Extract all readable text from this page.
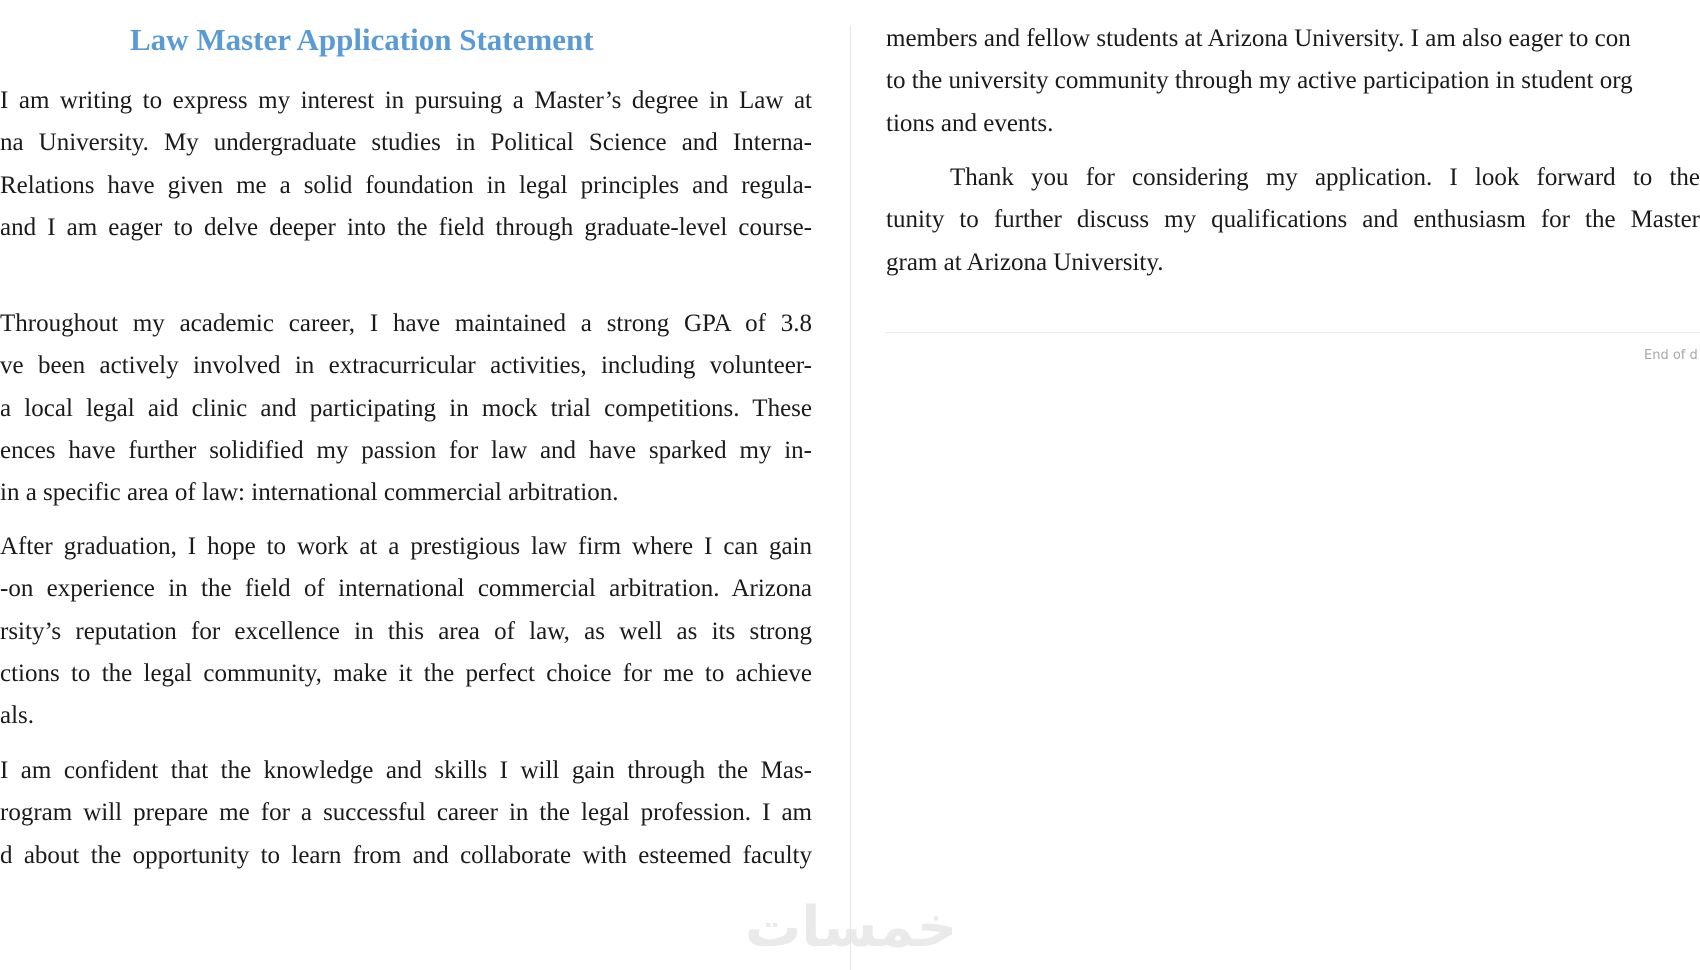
Law Master Application Statement

I am writing to express my interest in pursuing a Master’s degree in Law at

na University. My undergraduate studies in Political Science and Interna-

Relations have given me a solid foundation in legal principles and regula-

and I am eager to delve deeper into the field through graduate-level course-

Throughout my academic career, I have maintained a strong GPA of 3.8

ve been actively involved in extracurricular activities, including volunteer-

a local legal aid clinic and participating in mock trial competitions. These

ences have further solidified my passion for law and have sparked my in-

in a specific area of law: international commercial arbitration.

After graduation, I hope to work at a prestigious law firm where I can gain

-on experience in the field of international commercial arbitration. Arizona

rsity’s reputation for excellence in this area of law, as well as its strong

ctions to the legal community, make it the perfect choice for me to achieve

als.

I am confident that the knowledge and skills I will gain through the Mas-

rogram will prepare me for a successful career in the legal profession. I am

d about the opportunity to learn from and collaborate with esteemed faculty

members and fellow students at Arizona University. I am also eager to con

to the university community through my active participation in student org

tions and events.

Thank you for considering my application. I look forward to the

tunity to further discuss my qualifications and enthusiasm for the Master

gram at Arizona University.

End of d
خمسات
